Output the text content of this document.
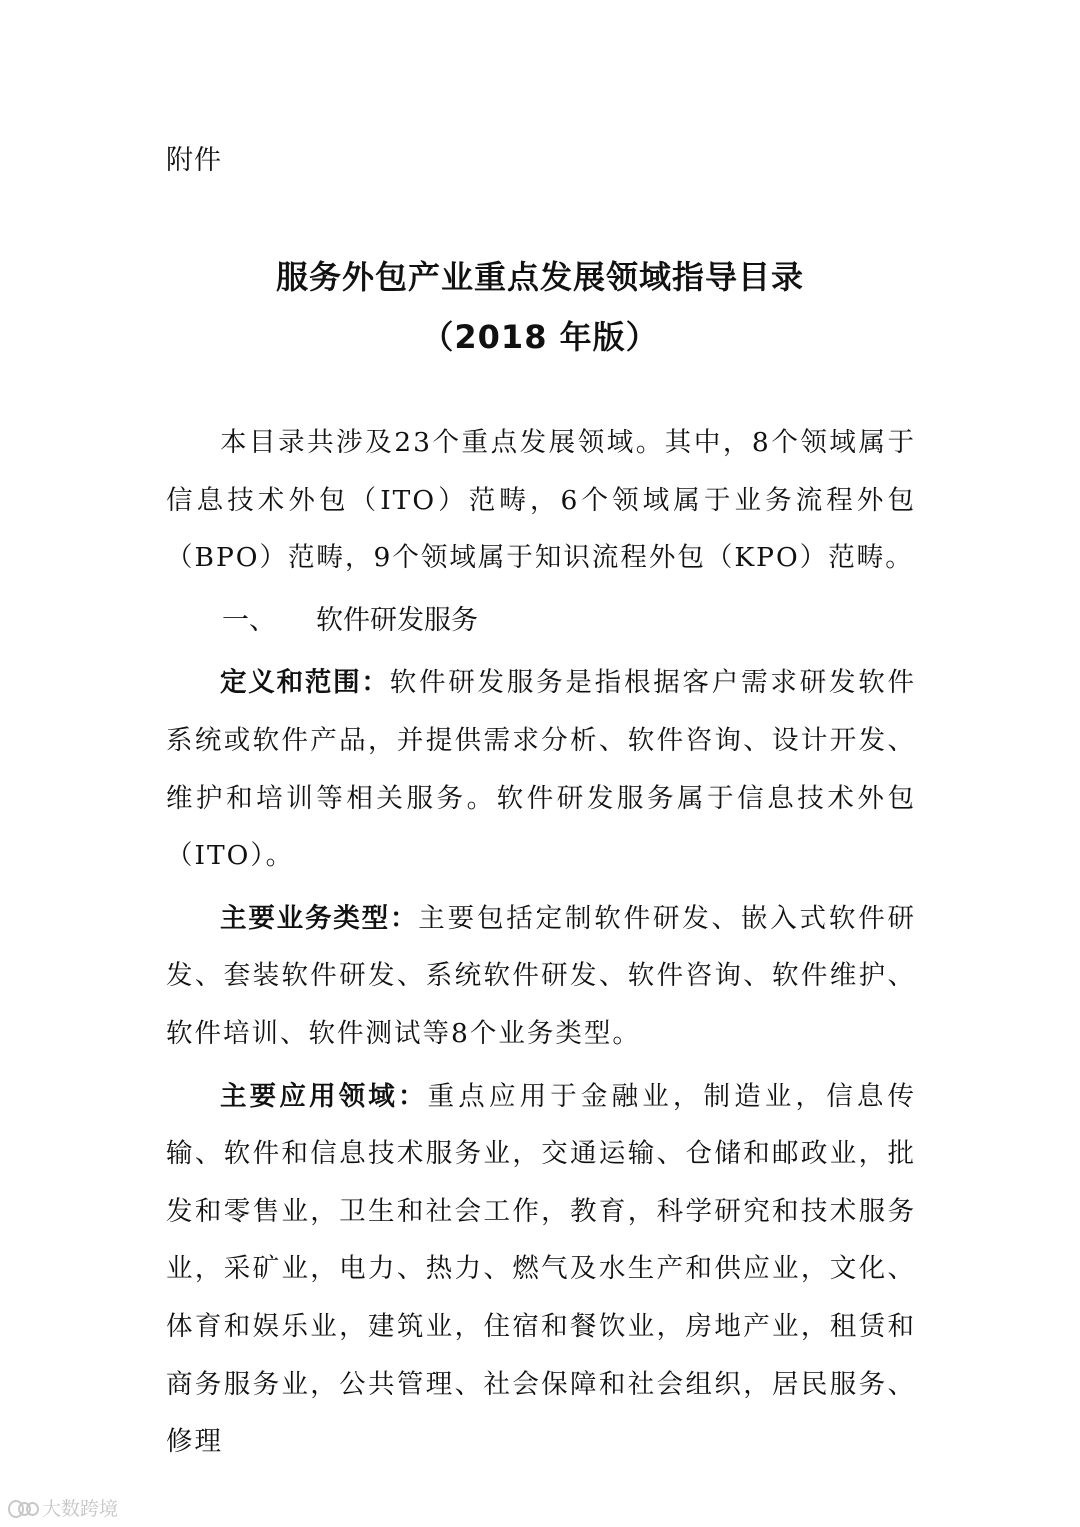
附件
服务外包产业重点发展领域指导目录
（2018 年版）

本目录共涉及23个重点发展领域。其中，8个领域属于信息技术外包（ITO）范畴，6个领域属于业务流程外包（BPO）范畴，9个领域属于知识流程外包（KPO）范畴。

一、 软件研发服务

定义和范围：软件研发服务是指根据客户需求研发软件系统或软件产品，并提供需求分析、软件咨询、设计开发、维护和培训等相关服务。软件研发服务属于信息技术外包（ITO）。

主要业务类型：主要包括定制软件研发、嵌入式软件研发、套装软件研发、系统软件研发、软件咨询、软件维护、软件培训、软件测试等8个业务类型。

主要应用领域：重点应用于金融业，制造业，信息传输、软件和信息技术服务业，交通运输、仓储和邮政业，批发和零售业，卫生和社会工作，教育，科学研究和技术服务业，采矿业，电力、热力、燃气及水生产和供应业，文化、体育和娱乐业，建筑业，住宿和餐饮业，房地产业，租赁和商务服务业，公共管理、社会保障和社会组织，居民服务、修理

大数跨境
